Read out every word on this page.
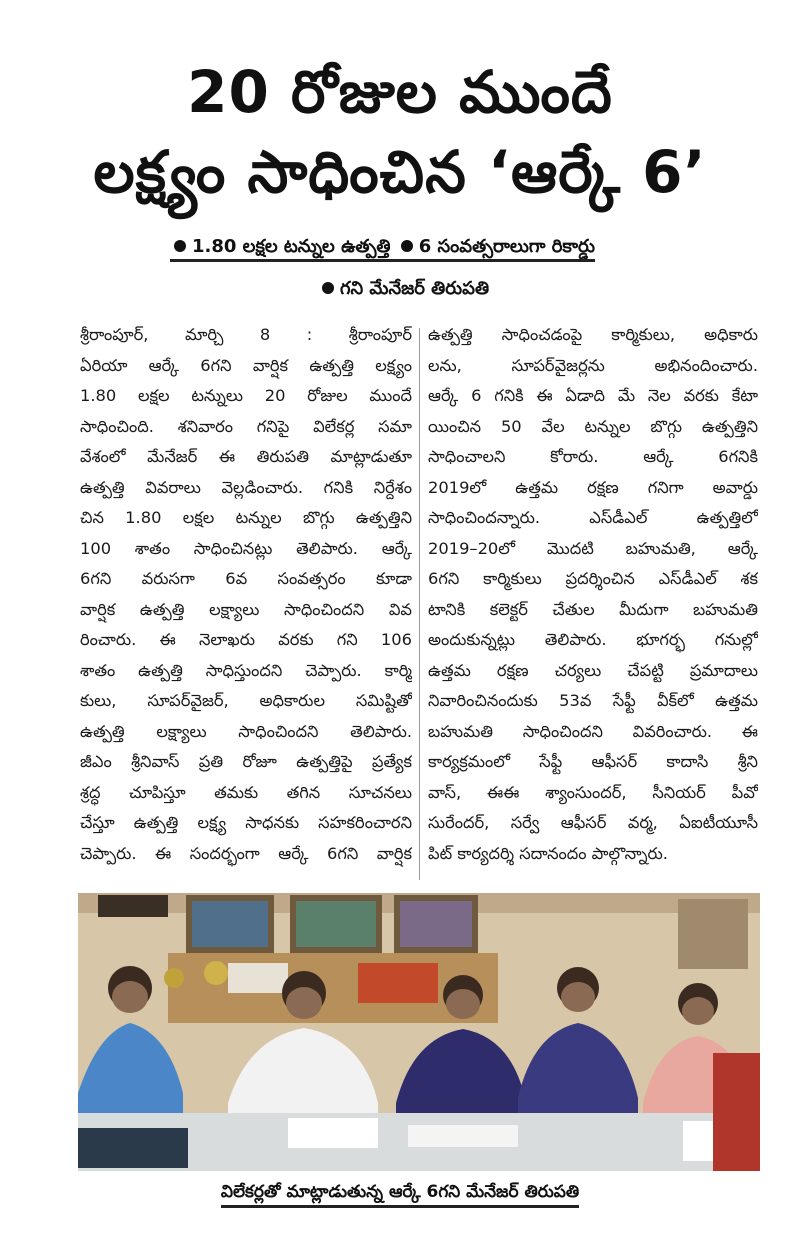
20 రోజుల ముందే
లక్ష్యం సాధించిన ‘ఆర్కే 6’
1.80 లక్షల టన్నుల ఉత్పత్తి 6 సంవత్సరాలుగా రికార్డు
గని మేనేజర్ తిరుపతి
శ్రీరాంపూర్, మార్చి 8 : శ్రీరాంపూర్
ఏరియా ఆర్కే 6గని వార్షిక ఉత్పత్తి లక్ష్యం
1.80 లక్షల టన్నులు 20 రోజుల ముందే
సాధించింది. శనివారం గనిపై విలేకర్ల సమా
వేశంలో మేనేజర్ ఈ తిరుపతి మాట్లాడుతూ
ఉత్పత్తి వివరాలు వెల్లడించారు. గనికి నిర్దేశం
చిన 1.80 లక్షల టన్నుల బొగ్గు ఉత్పత్తిని
100 శాతం సాధించినట్లు తెలిపారు. ఆర్కే
6గని వరుసగా 6వ సంవత్సరం కూడా
వార్షిక ఉత్పత్తి లక్ష్యాలు సాధించిందని వివ
రించారు. ఈ నెలాఖరు వరకు గని 106
శాతం ఉత్పత్తి సాధిస్తుందని చెప్పారు. కార్మి
కులు, సూపర్‌వైజర్, అధికారుల సమిష్టితో
ఉత్పత్తి లక్ష్యాలు సాధించిందని తెలిపారు.
జీఎం శ్రీనివాస్ ప్రతి రోజూ ఉత్పత్తిపై ప్రత్యేక
శ్రద్ధ చూపిస్తూ తమకు తగిన సూచనలు
చేస్తూ ఉత్పత్తి లక్ష్య సాధనకు సహకరించారని
చెప్పారు. ఈ సందర్భంగా ఆర్కే 6గని వార్షిక
ఉత్పత్తి సాధించడంపై కార్మికులు, అధికారు
లను, సూపర్‌వైజర్లను అభినందించారు.
ఆర్కే 6 గనికి ఈ ఏడాది మే నెల వరకు కేటా
యించిన 50 వేల టన్నుల బొగ్గు ఉత్పత్తిని
సాధించాలని కోరారు. ఆర్కే 6గనికి
2019లో ఉత్తమ రక్షణ గనిగా అవార్డు
సాధించిందన్నారు. ఎస్‌డీఎల్ ఉత్పత్తిలో
2019–20లో మొదటి బహుమతి, ఆర్కే
6గని కార్మికులు ప్రదర్శించిన ఎస్‌డీఎల్ శక
టానికి కలెక్టర్ చేతుల మీదుగా బహుమతి
అందుకున్నట్లు తెలిపారు. భూగర్భ గనుల్లో
ఉత్తమ రక్షణ చర్యలు చేపట్టి ప్రమాదాలు
నివారించినందుకు 53వ సేఫ్టీ వీక్‌లో ఉత్తమ
బహుమతి సాధించిందని వివరించారు. ఈ
కార్యక్రమంలో సేఫ్టీ ఆఫీసర్ కాదాసి శ్రీని
వాస్, ఈఈ శ్యాంసుందర్, సీనియర్ పీవో
సురేందర్, సర్వే ఆఫీసర్ వర్మ, ఏఐటీయూసీ
పిట్ కార్యదర్శి సదానందం పాల్గొన్నారు.
విలేకర్లతో మాట్లాడుతున్న ఆర్కే 6గని మేనేజర్ తిరుపతి
